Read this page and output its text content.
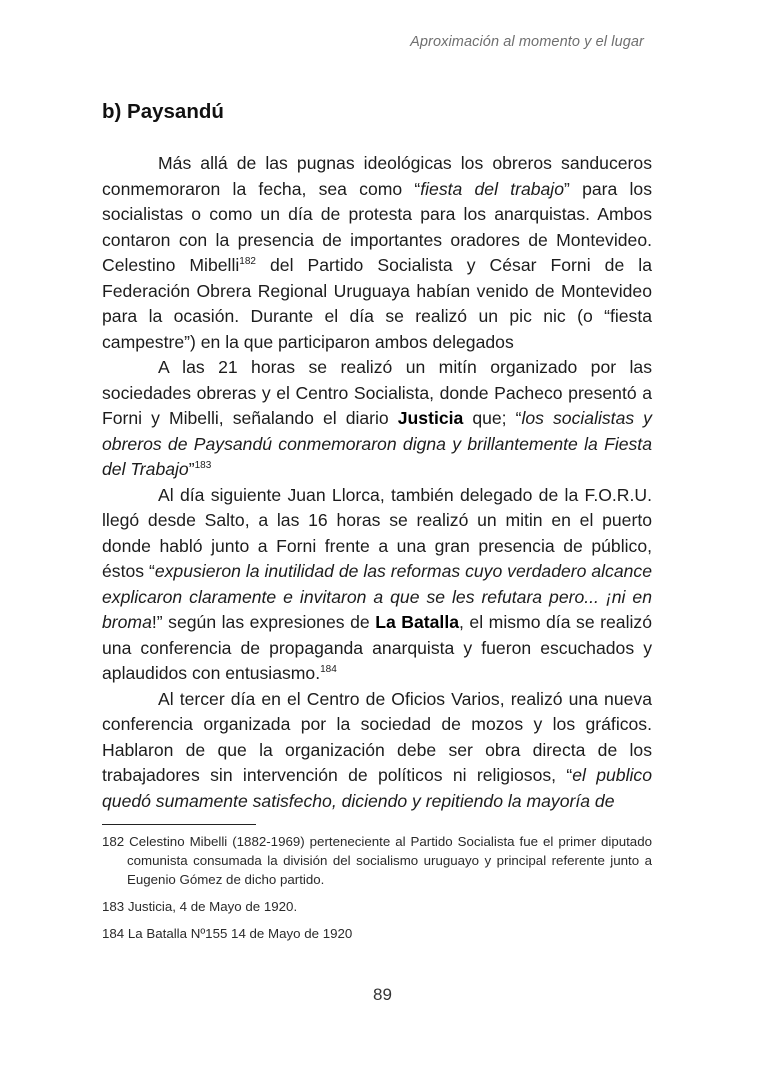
Aproximación al momento y el lugar
b) Paysandú

Más allá de las pugnas ideológicas los obreros sanduceros conmemoraron la fecha, sea como “fiesta del trabajo” para los socialistas o como un día de protesta para los anarquistas. Ambos contaron con la presencia de importantes oradores de Montevideo. Celestino Mibelli$^{182}$ del Partido Socialista y César Forni de la Federación Obrera Regional Uruguaya habían venido de Montevideo para la ocasión. Durante el día se realizó un pic nic (o “fiesta campestre”) en la que participaron ambos delegados

A las 21 horas se realizó un mitín organizado por las sociedades obreras y el Centro Socialista, donde Pacheco presentó a Forni y Mibelli, señalando el diario Justicia que; “los socialistas y obreros de Paysandú conmemoraron digna y brillantemente la Fiesta del Trabajo”$^{183}$

Al día siguiente Juan Llorca, también delegado de la F.O.R.U. llegó desde Salto, a las 16 horas se realizó un mitin en el puerto donde habló junto a Forni frente a una gran presencia de público, éstos “expusieron la inutilidad de las reformas cuyo verdadero alcance explicaron claramente e invitaron a que se les refutara pero... ¡ni en broma!” según las expresiones de La Batalla, el mismo día se realizó una conferencia de propaganda anarquista y fueron escuchados y aplaudidos con entusiasmo.$^{184}$

Al tercer día en el Centro de Oficios Varios, realizó una nueva conferencia organizada por la sociedad de mozos y los gráficos. Hablaron de que la organización debe ser obra directa de los trabajadores sin intervención de políticos ni religiosos, “el publico quedó sumamente satisfecho, diciendo y repitiendo la mayoría de

182 Celestino Mibelli (1882-1969) perteneciente al Partido Socialista fue el primer diputado comunista consumada la división del socialismo uruguayo y principal referente junto a Eugenio Gómez de dicho partido.

183 Justicia, 4 de Mayo de 1920.

184 La Batalla Nº155 14 de Mayo de 1920

89
